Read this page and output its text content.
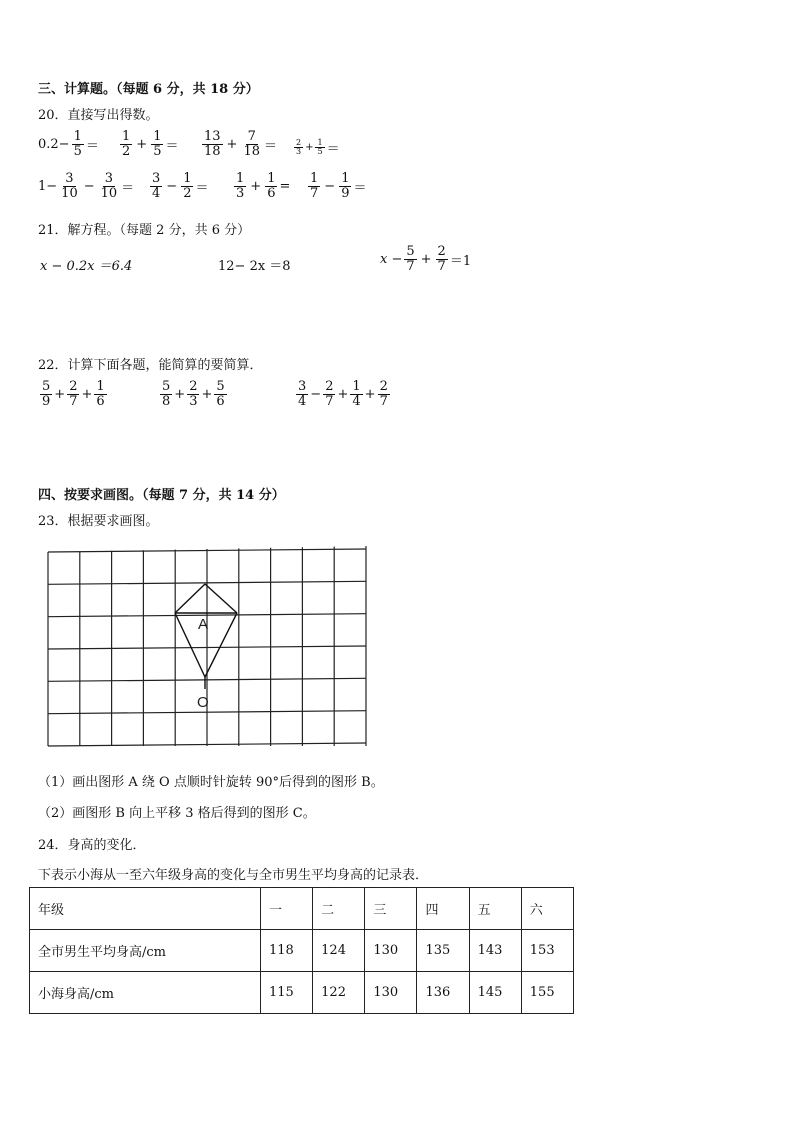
三、计算题。（每题 6 分，共 18 分）
20．直接写出得数。
$0.2- \frac{1}{5} = \frac{1}{2} + \frac{1}{5} = \frac{13}{18} + \frac{7}{18} = \frac{2}{3} + \frac{1}{5}$ ＝
$1- \frac{3}{10} - \frac{3}{10} = \frac{3}{4} - \frac{1}{2} = \frac{1}{3} + \frac{1}{6} = \frac{1}{7} - \frac{1}{9}$ ＝
21．解方程。（每题 2 分，共 6 分）
x − 0.2x ＝6.4	12− 2x ＝8	$x - \frac{5}{7} + \frac{2}{7} =1$
22．计算下面各题，能简算的要简算．
$\frac{5}{9} + \frac{2}{7} + \frac{1}{6}$	$\frac{5}{8} + \frac{2}{3} + \frac{5}{6}$	$\frac{3}{4} - \frac{2}{7} + \frac{1}{4} + \frac{2}{7}$
四、按要求画图。（每题 7 分，共 14 分）
23．根据要求画图。
A
O
（1）画出图形 A 绕 O 点顺时针旋转 90°后得到的图形 B。
（2）画图形 B 向上平移 3 格后得到的图形 C。
24．身高的变化．
下表示小海从一至六年级身高的变化与全市男生平均身高的记录表．
年级	一	二	三	四	五	六
全市男生平均身高/cm	118	124	130	135	143	153
小海身高/cm	115	122	130	136	145	155
